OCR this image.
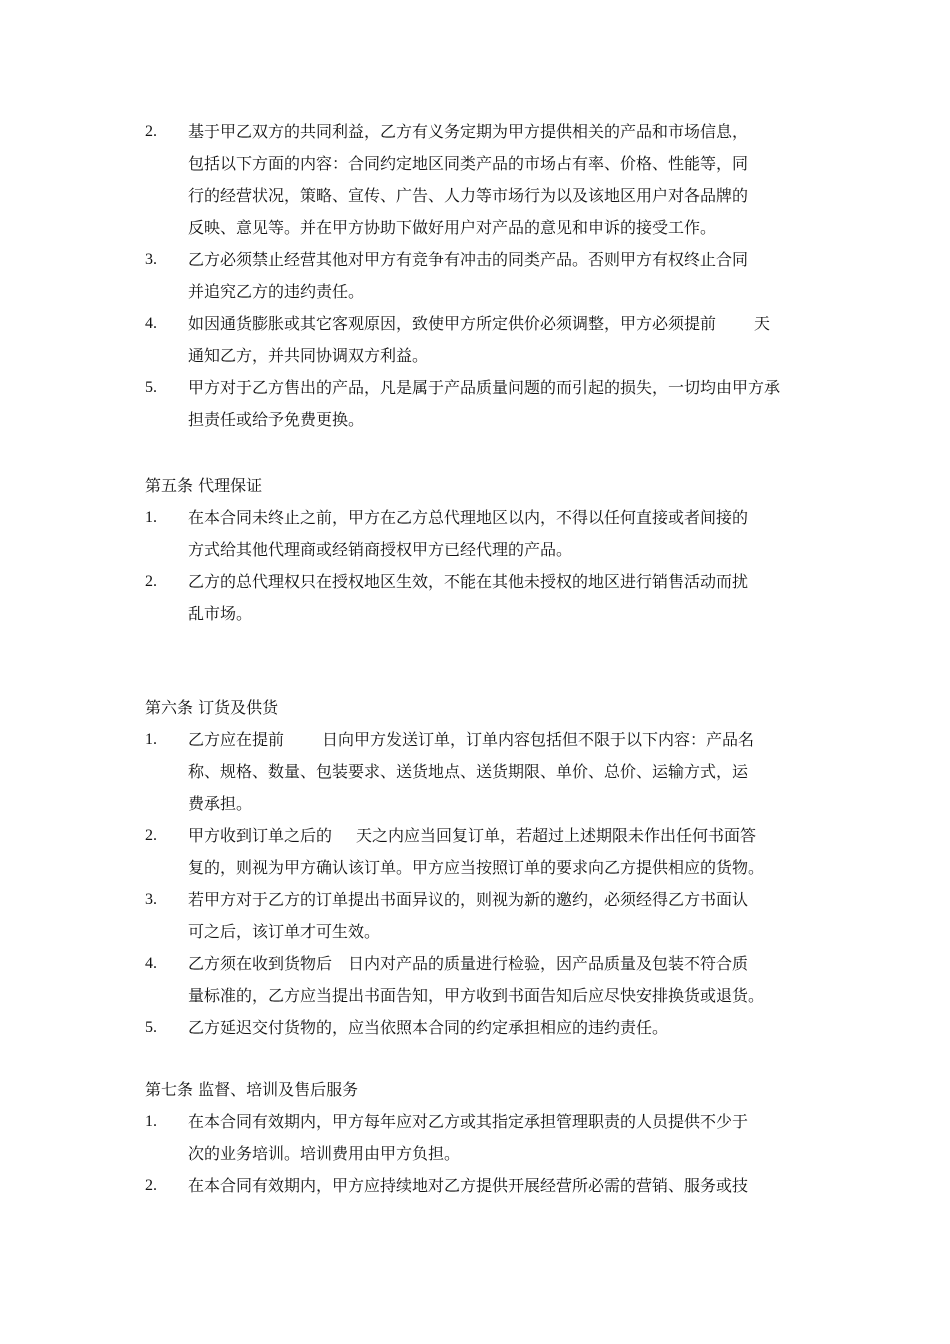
2.	基于甲乙双方的共同利益，乙方有义务定期为甲方提供相关的产品和市场信息，
包括以下方面的内容：合同约定地区同类产品的市场占有率、价格、性能等，同
行的经营状况，策略、宣传、广告、人力等市场行为以及该地区用户对各品牌的
反映、意见等。并在甲方协助下做好用户对产品的意见和申诉的接受工作。
3.	乙方必须禁止经营其他对甲方有竞争有冲击的同类产品。否则甲方有权终止合同
并追究乙方的违约责任。
4.	如因通货膨胀或其它客观原因，致使甲方所定供价必须调整，甲方必须提前 天
通知乙方，并共同协调双方利益。
5.	甲方对于乙方售出的产品，凡是属于产品质量问题的而引起的损失，一切均由甲方承
担责任或给予免费更换。
第五条 代理保证
1.	在本合同未终止之前，甲方在乙方总代理地区以内，不得以任何直接或者间接的
方式给其他代理商或经销商授权甲方已经代理的产品。
2.	乙方的总代理权只在授权地区生效，不能在其他未授权的地区进行销售活动而扰
乱市场。
第六条 订货及供货
1.	乙方应在提前 日向甲方发送订单，订单内容包括但不限于以下内容：产品名
称、规格、数量、包装要求、送货地点、送货期限、单价、总价、运输方式，运
费承担。
2.	甲方收到订单之后的 天之内应当回复订单，若超过上述期限未作出任何书面答
复的，则视为甲方确认该订单。甲方应当按照订单的要求向乙方提供相应的货物。
3.	若甲方对于乙方的订单提出书面异议的，则视为新的邀约，必须经得乙方书面认
可之后，该订单才可生效。
4.	乙方须在收到货物后 日内对产品的质量进行检验，因产品质量及包装不符合质
量标准的，乙方应当提出书面告知，甲方收到书面告知后应尽快安排换货或退货。
5.	乙方延迟交付货物的，应当依照本合同的约定承担相应的违约责任。
第七条 监督、培训及售后服务
1.	在本合同有效期内，甲方每年应对乙方或其指定承担管理职责的人员提供不少于
次的业务培训。培训费用由甲方负担。
2.	在本合同有效期内，甲方应持续地对乙方提供开展经营所必需的营销、服务或技
